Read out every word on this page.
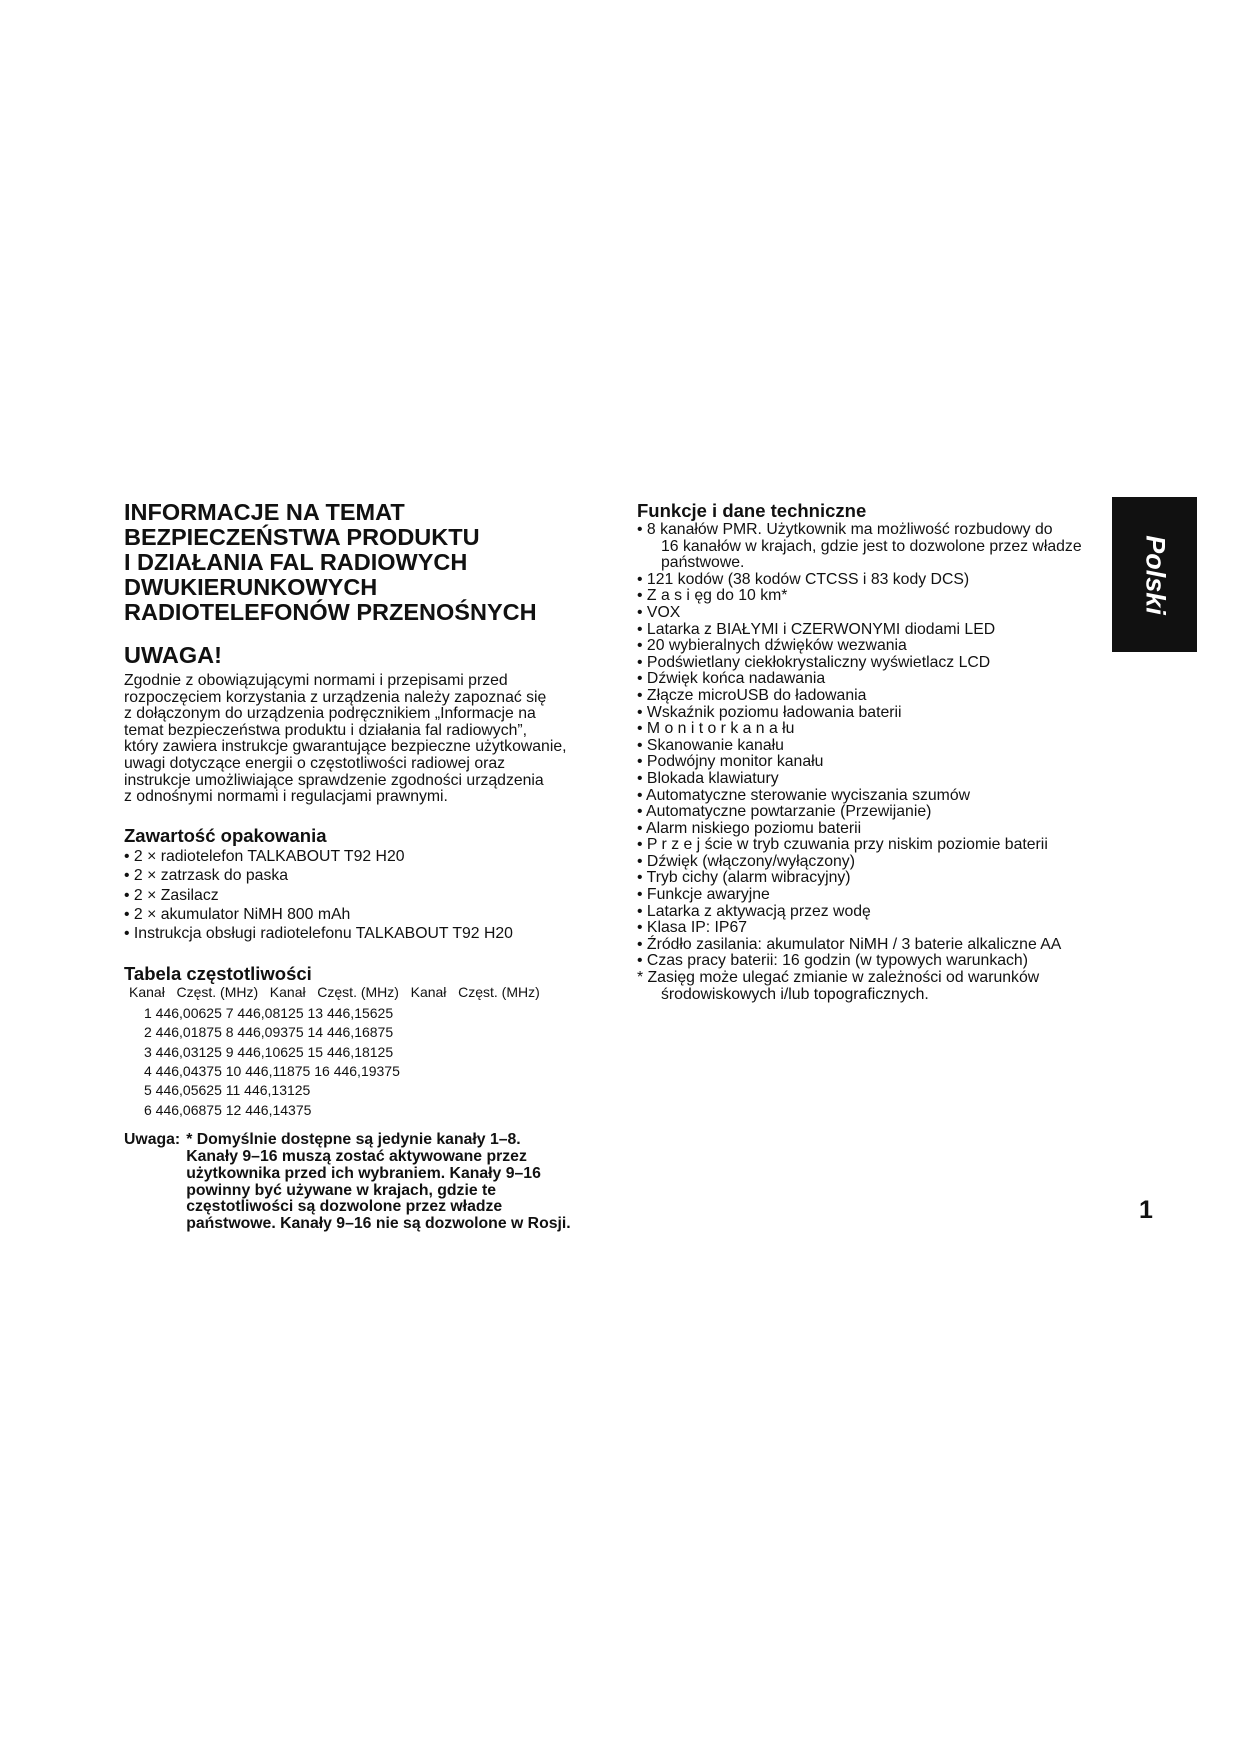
INFORMACJE NA TEMAT
BEZPIECZEŃSTWA PRODUKTU
I DZIAŁANIA FAL RADIOWYCH
DWUKIERUNKOWYCH
RADIOTELEFONÓW PRZENOŚNYCH
UWAGA!
Zgodnie z obowiązującymi normami i przepisami przed
rozpoczęciem korzystania z urządzenia należy zapoznać się
z dołączonym do urządzenia podręcznikiem „Informacje na
temat bezpieczeństwa produktu i działania fal radiowych”,
który zawiera instrukcje gwarantujące bezpieczne użytkowanie,
uwagi dotyczące energii o częstotliwości radiowej oraz
instrukcje umożliwiające sprawdzenie zgodności urządzenia
z odnośnymi normami i regulacjami prawnymi.
Zawartość opakowania
• 2 × radiotelefon TALKABOUT T92 H20
• 2 × zatrzask do paska
• 2 × Zasilacz
• 2 × akumulator NiMH 800 mAh
• Instrukcja obsługi radiotelefonu TALKABOUT T92 H20
Tabela częstotliwości
Kanał   Częst. (MHz)   Kanał   Częst. (MHz)   Kanał   Częst. (MHz)
1 446,00625 7 446,08125 13 446,15625
2 446,01875 8 446,09375 14 446,16875
3 446,03125 9 446,10625 15 446,18125
4 446,04375 10 446,11875 16 446,19375
5 446,05625 11 446,13125
6 446,06875 12 446,14375
Uwaga: * Domyślnie dostępne są jedynie kanały 1–8.
Kanały 9–16 muszą zostać aktywowane przez
użytkownika przed ich wybraniem. Kanały 9–16
powinny być używane w krajach, gdzie te
częstotliwości są dozwolone przez władze
państwowe. Kanały 9–16 nie są dozwolone w Rosji.
Funkcje i dane techniczne
• 8 kanałów PMR. Użytkownik ma możliwość rozbudowy do
16 kanałów w krajach, gdzie jest to dozwolone przez władze
państwowe.
• 121 kodów (38 kodów CTCSS i 83 kody DCS)
• Z a s i ęg do 10 km*
• VOX
• Latarka z BIAŁYMI i CZERWONYMI diodami LED
• 20 wybieralnych dźwięków wezwania
• Podświetlany ciekłokrystaliczny wyświetlacz LCD
• Dźwięk końca nadawania
• Złącze microUSB do ładowania
• Wskaźnik poziomu ładowania baterii
• M o n i t o r k a n a łu
• Skanowanie kanału
• Podwójny monitor kanału
• Blokada klawiatury
• Automatyczne sterowanie wyciszania szumów
• Automatyczne powtarzanie (Przewijanie)
• Alarm niskiego poziomu baterii
• P r z e j ście w tryb czuwania przy niskim poziomie baterii
• Dźwięk (włączony/wyłączony)
• Tryb cichy (alarm wibracyjny)
• Funkcje awaryjne
• Latarka z aktywacją przez wodę
• Klasa IP: IP67
• Źródło zasilania: akumulator NiMH / 3 baterie alkaliczne AA
• Czas pracy baterii: 16 godzin (w typowych warunkach)
* Zasięg może ulegać zmianie w zależności od warunków
środowiskowych i/lub topograficznych.
Polski
1
